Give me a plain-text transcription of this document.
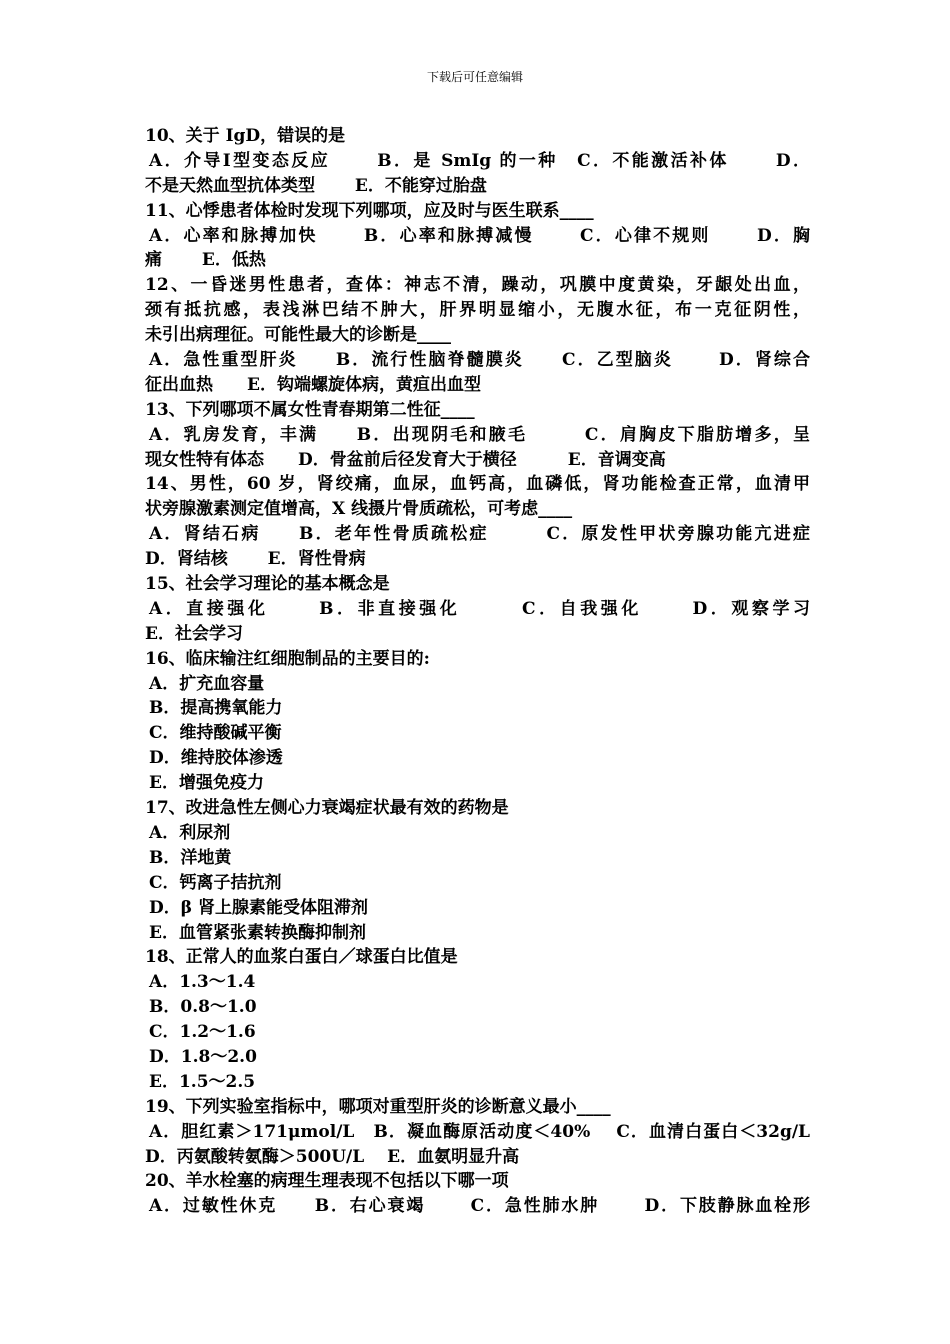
下载后可任意编辑
10、关于 IgD，错误的是
A．介导Ⅰ型变态反应　　 B．是 SmIg 的一种　C．不能激活补体　　 D．
不是天然血型抗体类型　　 E．不能穿过胎盘
11、心悸患者体检时发现下列哪项，应及时与医生联系____
A．心率和脉搏加快　　 B．心率和脉搏减慢　　 C．心律不规则　　 D．胸
痛　　 E．低热
12、一昏迷男性患者，查体：神志不清，躁动，巩膜中度黄染，牙龈处出血，
颈有抵抗感，表浅淋巴结不肿大，肝界明显缩小，无腹水征，布一克征阴性，
未引出病理征。可能性最大的诊断是____
A．急性重型肝炎　　B．流行性脑脊髓膜炎　　C．乙型脑炎　　 D．肾综合
征出血热　　E．钩端螺旋体病，黄疸出血型
13、下列哪项不属女性青春期第二性征____
A．乳房发育，丰满　　B．出现阴毛和腋毛　　　C．肩胸皮下脂肪增多，呈
现女性特有体态　　D．骨盆前后径发育大于横径　　　E．音调变高
14、男性，60 岁，肾绞痛，血尿，血钙高，血磷低，肾功能检查正常，血清甲
状旁腺激素测定值增高，X 线摄片骨质疏松，可考虑____
A．肾结石病　　B．老年性骨质疏松症　　　C．原发性甲状旁腺功能亢进症
D．肾结核　　 E．肾性骨病
15、社会学习理论的基本概念是
A．直接强化　　 B．非直接强化　　　C．自我强化　　 D．观察学习
E．社会学习
16、临床输注红细胞制品的主要目的:
A．扩充血容量
B．提高携氧能力
C．维持酸碱平衡
D．维持胶体渗透
E．增强免疫力
17、改进急性左侧心力衰竭症状最有效的药物是
A．利尿剂
B．洋地黄
C．钙离子拮抗剂
D．β 肾上腺素能受体阻滞剂
E．血管紧张素转换酶抑制剂
18、正常人的血浆白蛋白／球蛋白比值是
A．1.3～1.4
B．0.8～1.0
C．1.2～1.6
D．1.8～2.0
E．1.5～2.5
19、下列实验室指标中，哪项对重型肝炎的诊断意义最小____
A．胆红素＞171μmol/L　B．凝血酶原活动度＜40%　 C．血清白蛋白＜32g/L
D．丙氨酸转氨酶＞500U/L　 E．血氨明显升高
20、羊水栓塞的病理生理表现不包括以下哪一项
A．过敏性休克　　B．右心衰竭　　 C．急性肺水肿　　 D．下肢静脉血栓形
